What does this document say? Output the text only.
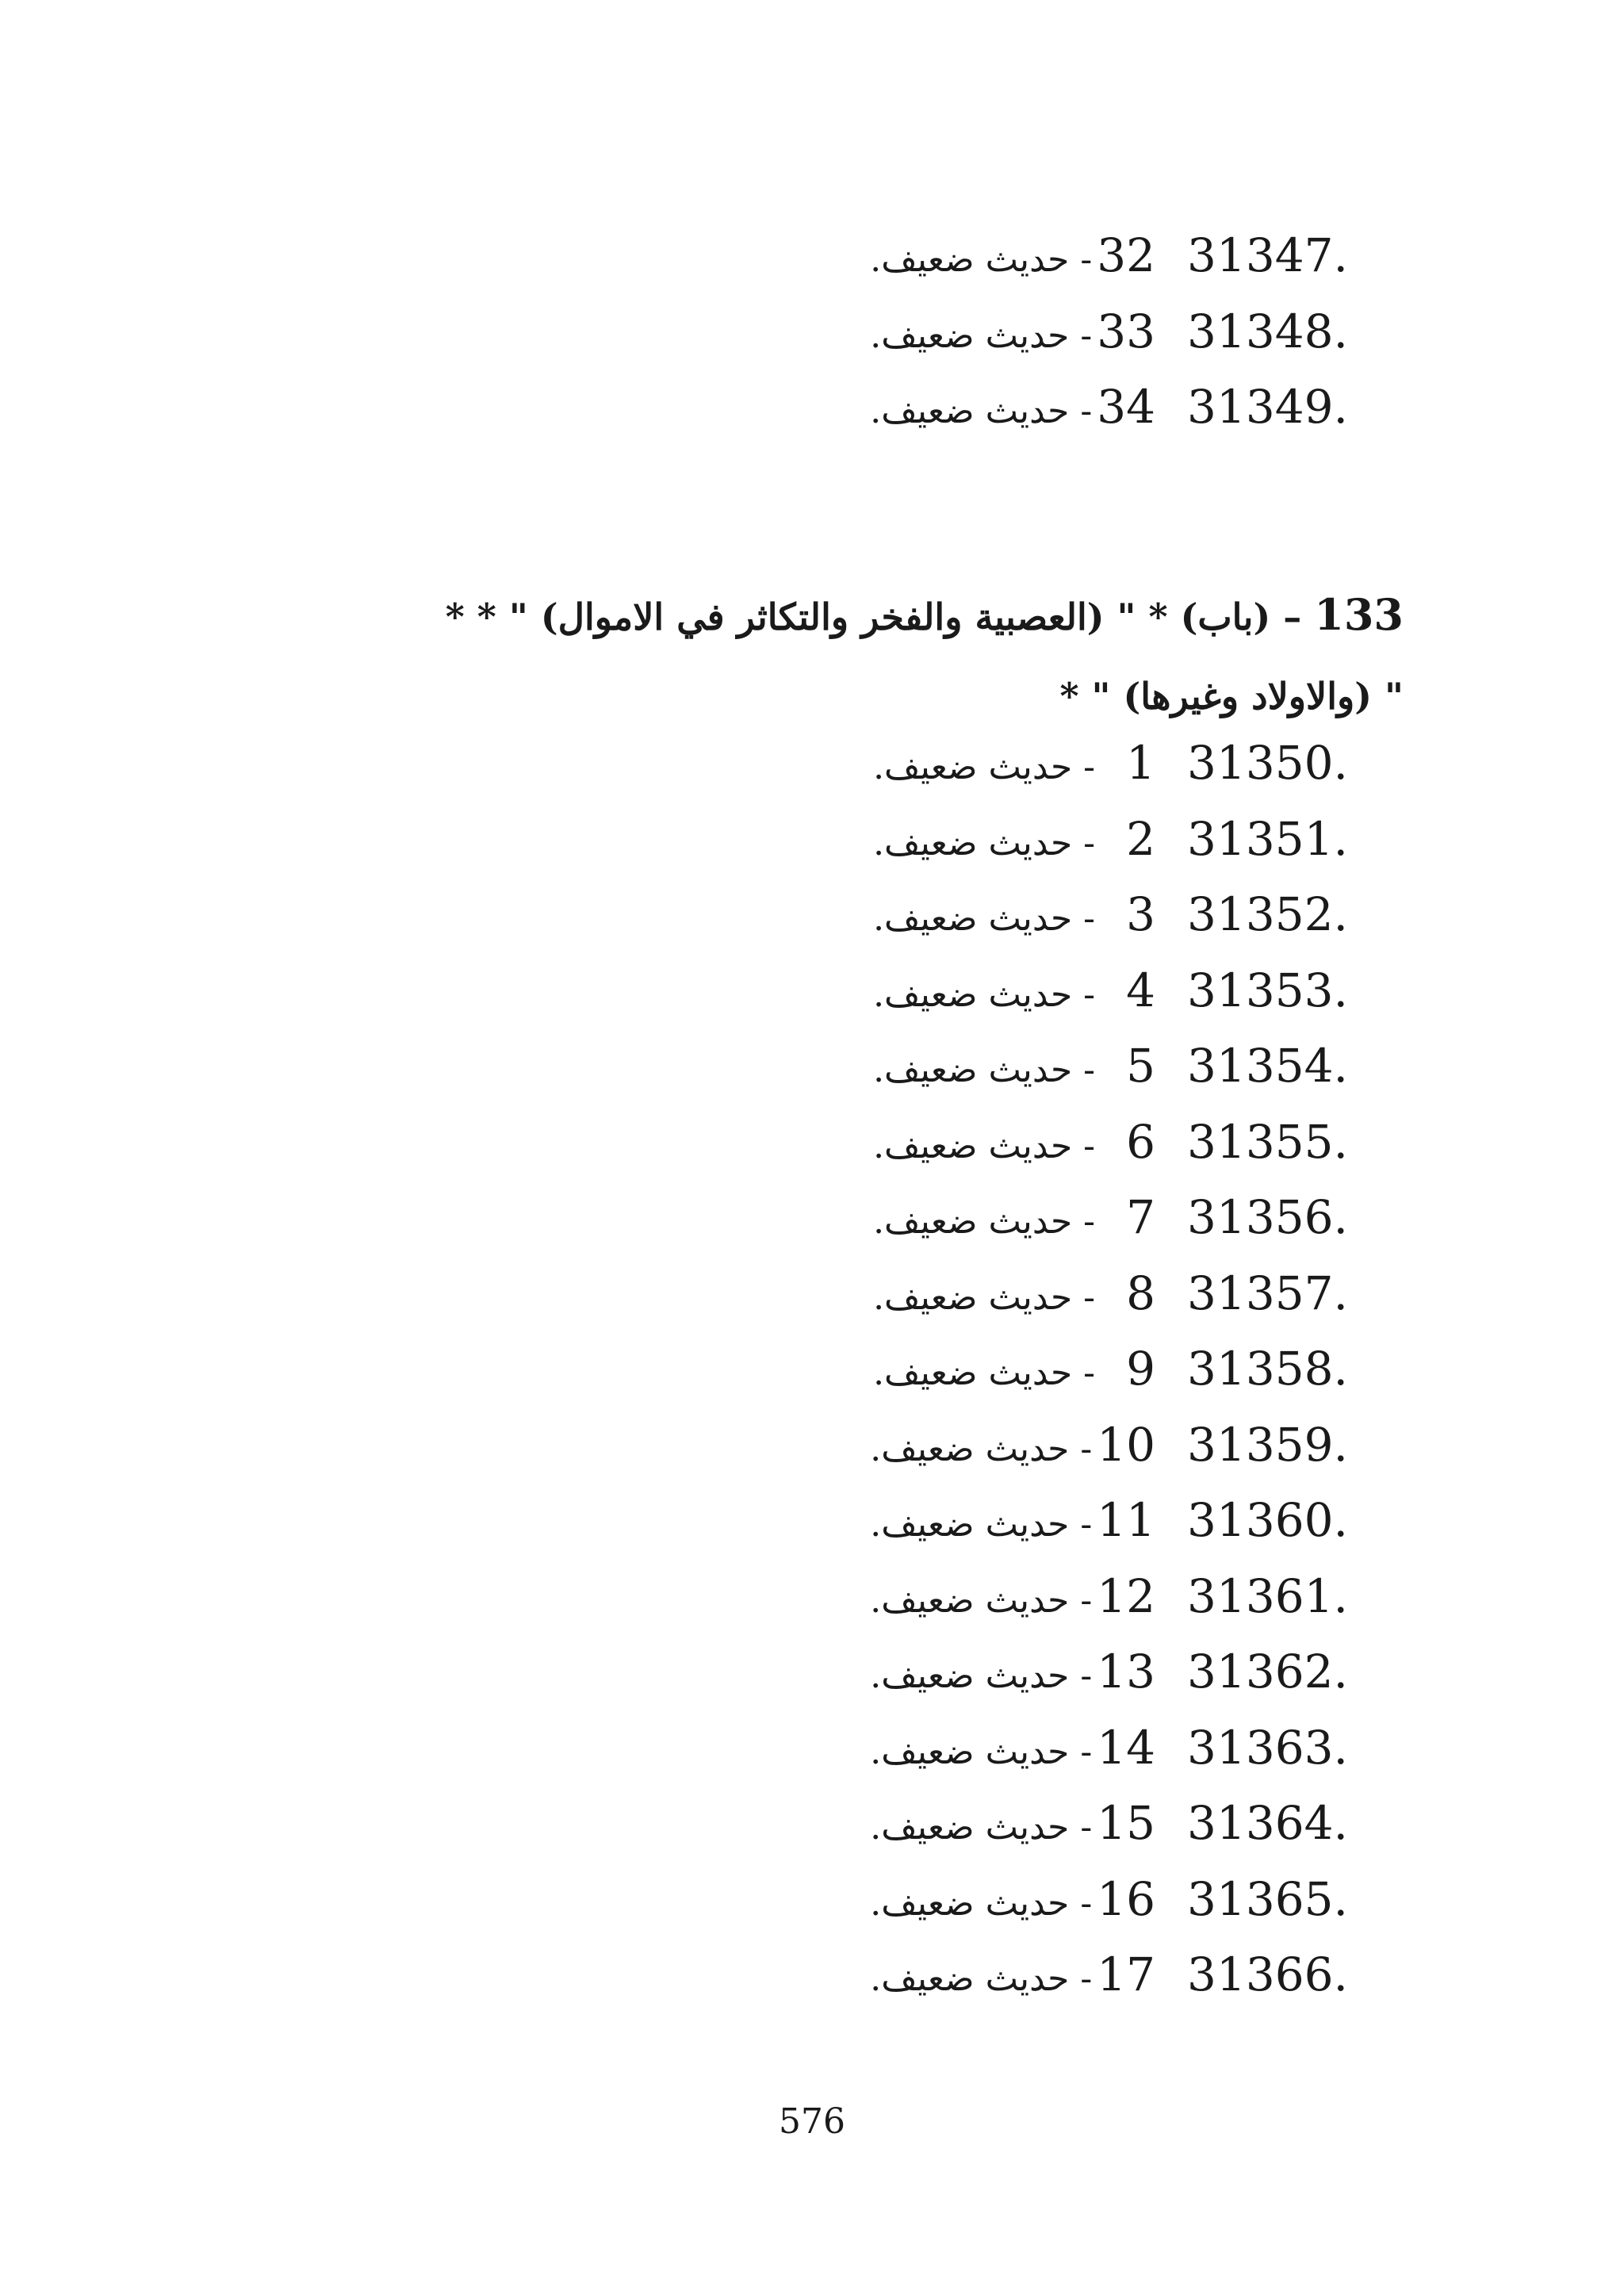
- حديث ضعيف. 32 31347.
- حديث ضعيف. 33 31348.
- حديث ضعيف. 34 31349.
133 – (باب) * " (العصبية والفخر والتكاثر في الاموال) " * *
" (والاولاد وغيرها) " *
- حديث ضعيف. 1 31350.
- حديث ضعيف. 2 31351.
- حديث ضعيف. 3 31352.
- حديث ضعيف. 4 31353.
- حديث ضعيف. 5 31354.
- حديث ضعيف. 6 31355.
- حديث ضعيف. 7 31356.
- حديث ضعيف. 8 31357.
- حديث ضعيف. 9 31358.
- حديث ضعيف. 10 31359.
- حديث ضعيف. 11 31360.
- حديث ضعيف. 12 31361.
- حديث ضعيف. 13 31362.
- حديث ضعيف. 14 31363.
- حديث ضعيف. 15 31364.
- حديث ضعيف. 16 31365.
- حديث ضعيف. 17 31366.
576
